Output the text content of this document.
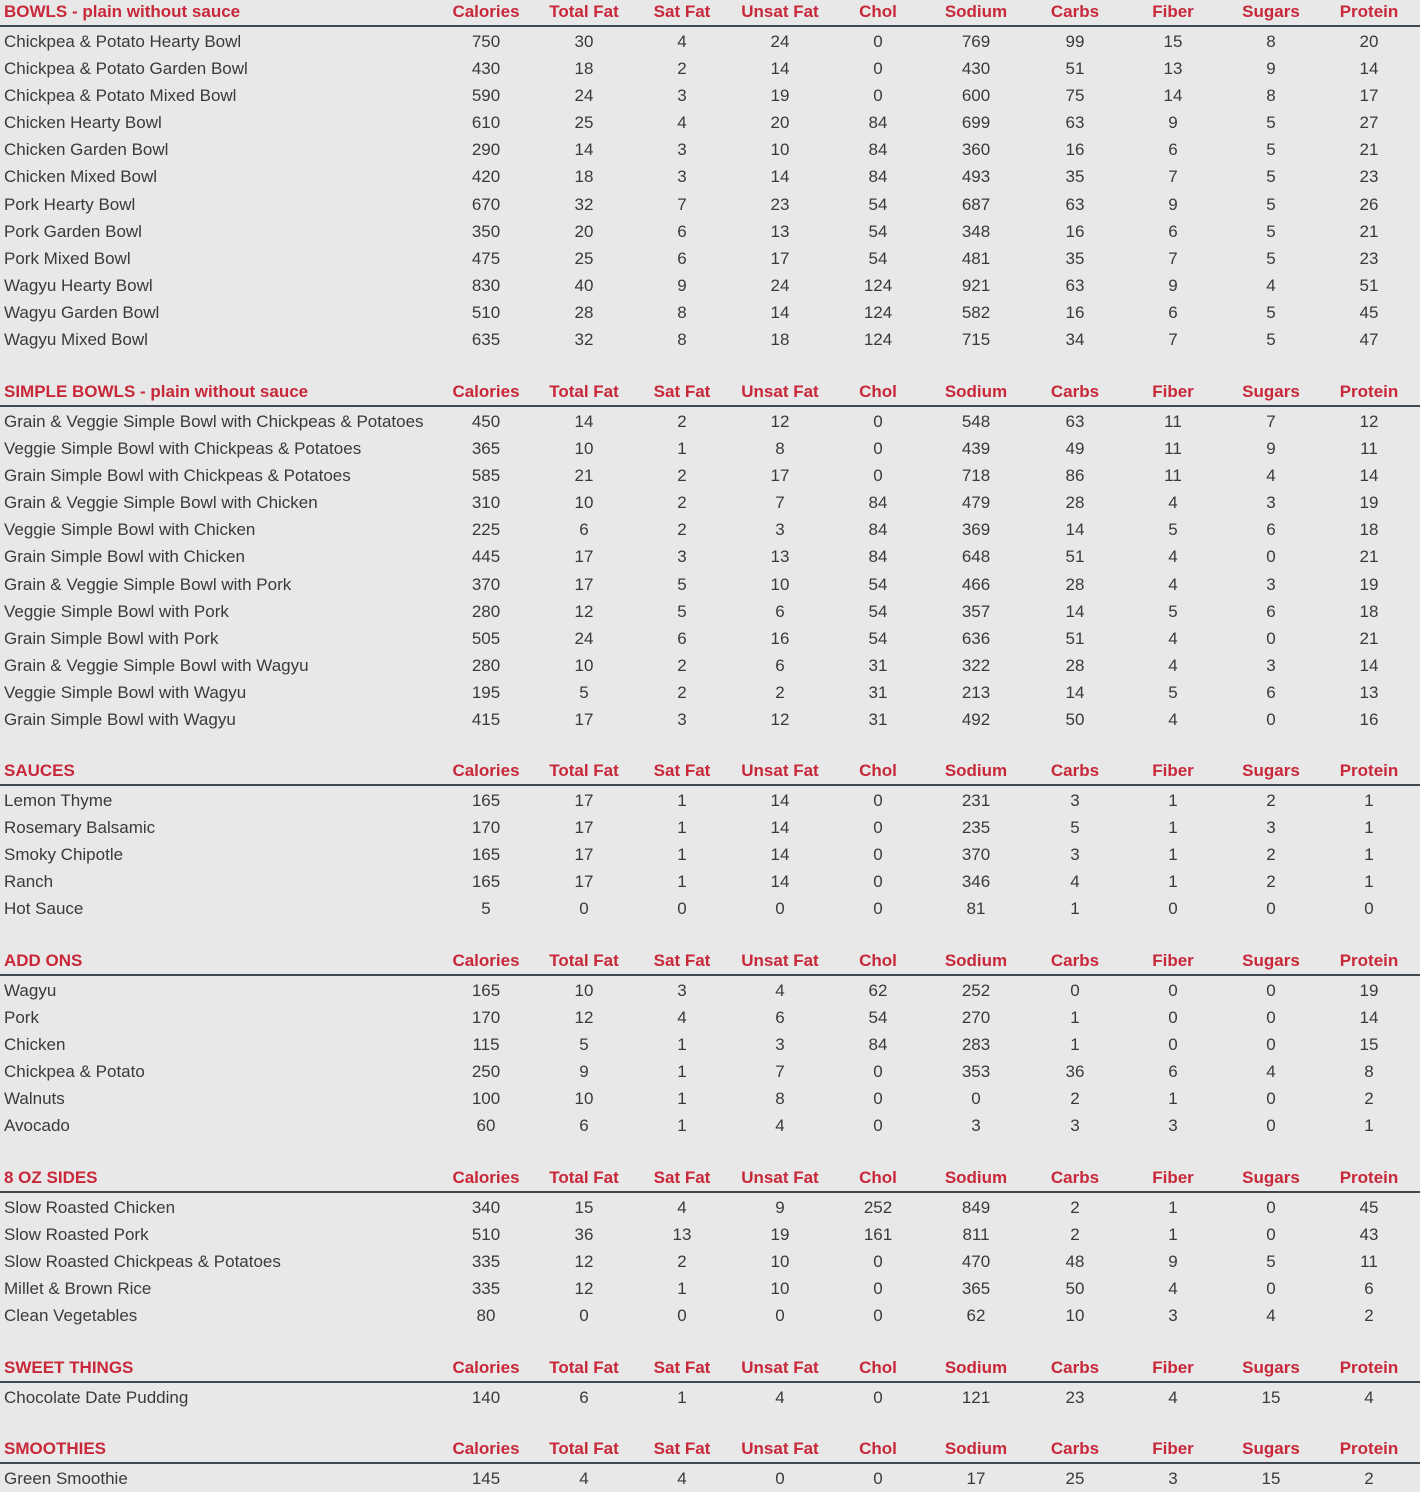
BOWLS - plain without sauce	Calories	Total Fat	Sat Fat	Unsat Fat	Chol	Sodium	Carbs	Fiber	Sugars	Protein
Chickpea & Potato Hearty Bowl	750	30	4	24	0	769	99	15	8	20
Chickpea & Potato Garden Bowl	430	18	2	14	0	430	51	13	9	14
Chickpea & Potato Mixed Bowl	590	24	3	19	0	600	75	14	8	17
Chicken Hearty Bowl	610	25	4	20	84	699	63	9	5	27
Chicken Garden Bowl	290	14	3	10	84	360	16	6	5	21
Chicken Mixed Bowl	420	18	3	14	84	493	35	7	5	23
Pork Hearty Bowl	670	32	7	23	54	687	63	9	5	26
Pork Garden Bowl	350	20	6	13	54	348	16	6	5	21
Pork Mixed Bowl	475	25	6	17	54	481	35	7	5	23
Wagyu Hearty Bowl	830	40	9	24	124	921	63	9	4	51
Wagyu Garden Bowl	510	28	8	14	124	582	16	6	5	45
Wagyu Mixed Bowl	635	32	8	18	124	715	34	7	5	47
SIMPLE BOWLS - plain without sauce	Calories	Total Fat	Sat Fat	Unsat Fat	Chol	Sodium	Carbs	Fiber	Sugars	Protein
Grain & Veggie Simple Bowl with Chickpeas & Potatoes	450	14	2	12	0	548	63	11	7	12
Veggie Simple Bowl with Chickpeas & Potatoes	365	10	1	8	0	439	49	11	9	11
Grain Simple Bowl with Chickpeas & Potatoes	585	21	2	17	0	718	86	11	4	14
Grain & Veggie Simple Bowl with Chicken	310	10	2	7	84	479	28	4	3	19
Veggie Simple Bowl with Chicken	225	6	2	3	84	369	14	5	6	18
Grain Simple Bowl with Chicken	445	17	3	13	84	648	51	4	0	21
Grain & Veggie Simple Bowl with Pork	370	17	5	10	54	466	28	4	3	19
Veggie Simple Bowl with Pork	280	12	5	6	54	357	14	5	6	18
Grain Simple Bowl with Pork	505	24	6	16	54	636	51	4	0	21
Grain & Veggie Simple Bowl with Wagyu	280	10	2	6	31	322	28	4	3	14
Veggie Simple Bowl with Wagyu	195	5	2	2	31	213	14	5	6	13
Grain Simple Bowl with Wagyu	415	17	3	12	31	492	50	4	0	16
SAUCES	Calories	Total Fat	Sat Fat	Unsat Fat	Chol	Sodium	Carbs	Fiber	Sugars	Protein
Lemon Thyme	165	17	1	14	0	231	3	1	2	1
Rosemary Balsamic	170	17	1	14	0	235	5	1	3	1
Smoky Chipotle	165	17	1	14	0	370	3	1	2	1
Ranch	165	17	1	14	0	346	4	1	2	1
Hot Sauce	5	0	0	0	0	81	1	0	0	0
ADD ONS	Calories	Total Fat	Sat Fat	Unsat Fat	Chol	Sodium	Carbs	Fiber	Sugars	Protein
Wagyu	165	10	3	4	62	252	0	0	0	19
Pork	170	12	4	6	54	270	1	0	0	14
Chicken	115	5	1	3	84	283	1	0	0	15
Chickpea & Potato	250	9	1	7	0	353	36	6	4	8
Walnuts	100	10	1	8	0	0	2	1	0	2
Avocado	60	6	1	4	0	3	3	3	0	1
8 OZ SIDES	Calories	Total Fat	Sat Fat	Unsat Fat	Chol	Sodium	Carbs	Fiber	Sugars	Protein
Slow Roasted Chicken	340	15	4	9	252	849	2	1	0	45
Slow Roasted Pork	510	36	13	19	161	811	2	1	0	43
Slow Roasted Chickpeas & Potatoes	335	12	2	10	0	470	48	9	5	11
Millet & Brown Rice	335	12	1	10	0	365	50	4	0	6
Clean Vegetables	80	0	0	0	0	62	10	3	4	2
SWEET THINGS	Calories	Total Fat	Sat Fat	Unsat Fat	Chol	Sodium	Carbs	Fiber	Sugars	Protein
Chocolate Date Pudding	140	6	1	4	0	121	23	4	15	4
SMOOTHIES	Calories	Total Fat	Sat Fat	Unsat Fat	Chol	Sodium	Carbs	Fiber	Sugars	Protein
Green Smoothie	145	4	4	0	0	17	25	3	15	2
